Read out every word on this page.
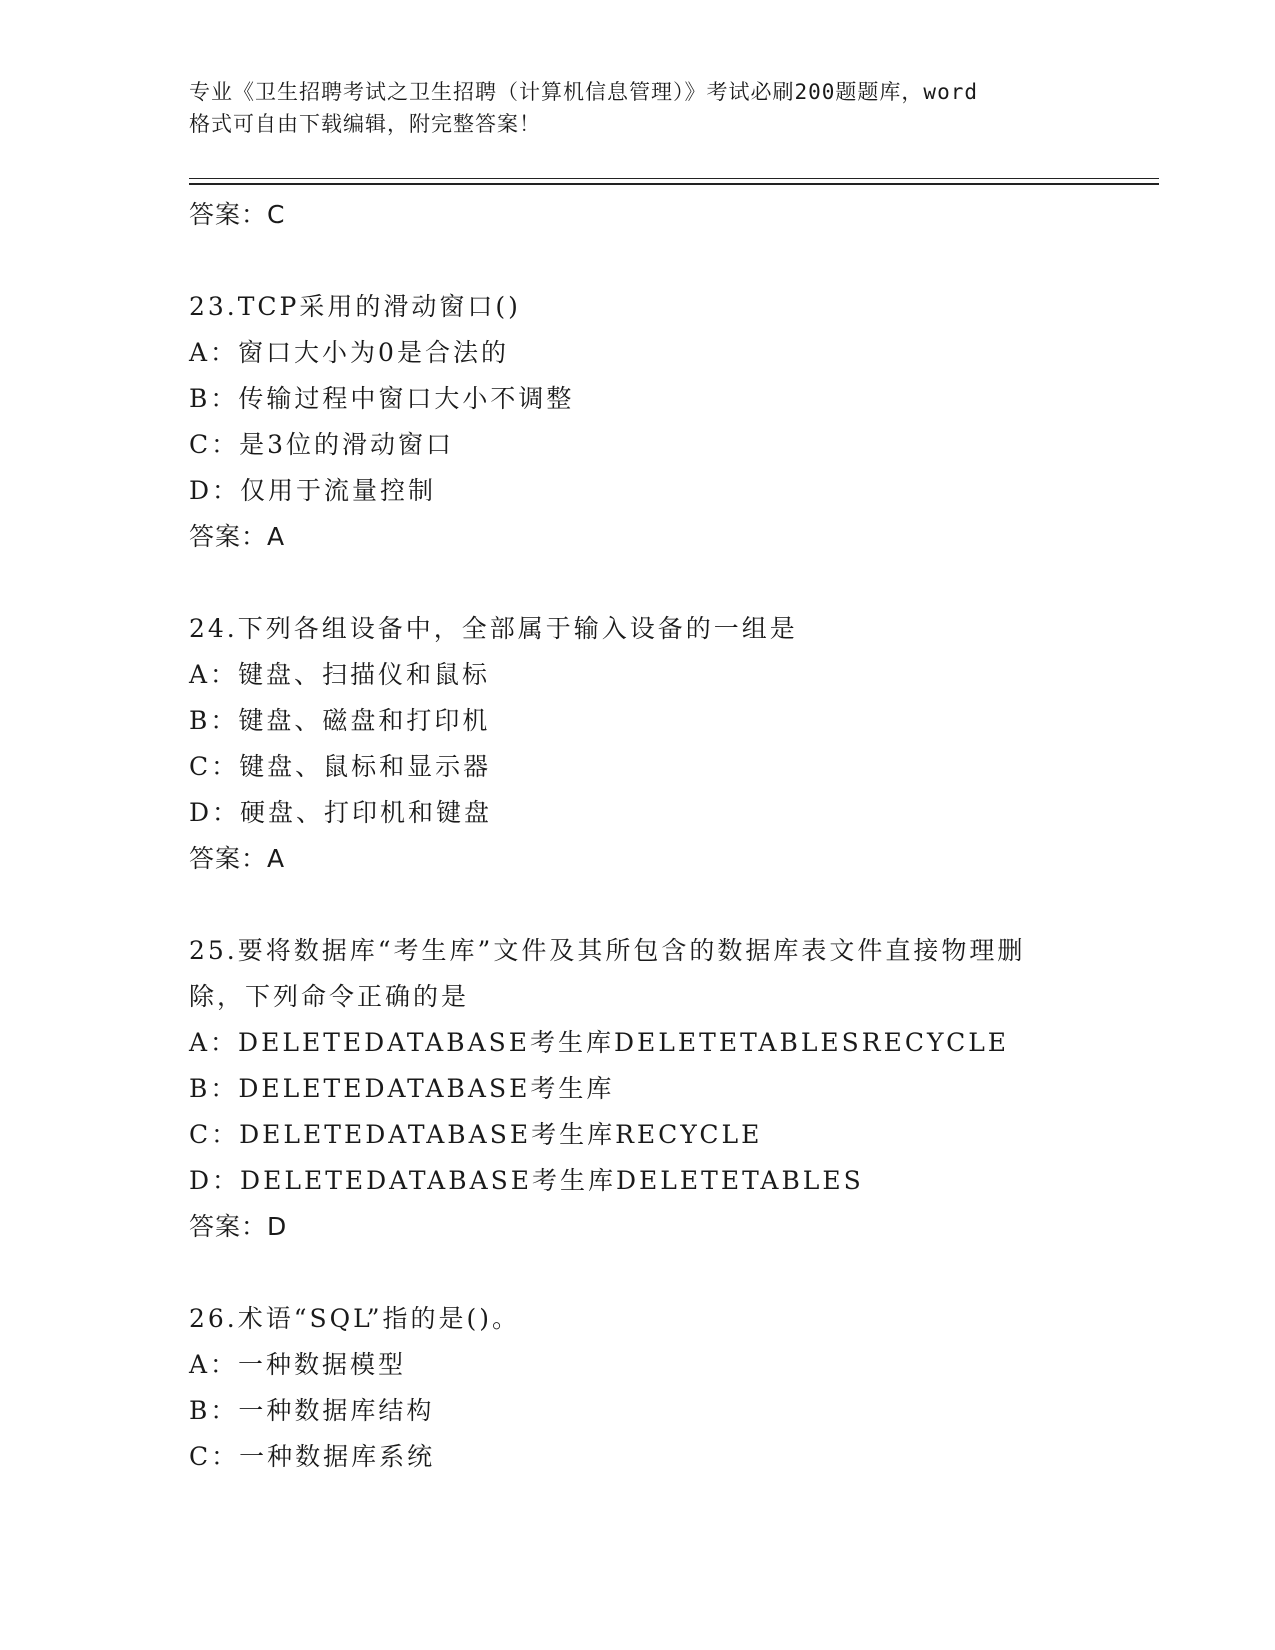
专业《卫生招聘考试之卫生招聘（计算机信息管理）》考试必刷200题题库，word
格式可自由下载编辑，附完整答案！
答案：C
23.TCP采用的滑动窗口()
A：窗口大小为0是合法的
B：传输过程中窗口大小不调整
C：是3位的滑动窗口
D：仅用于流量控制
答案：A
24.下列各组设备中，全部属于输入设备的一组是
A：键盘、扫描仪和鼠标
B：键盘、磁盘和打印机
C：键盘、鼠标和显示器
D：硬盘、打印机和键盘
答案：A
25.要将数据库“考生库”文件及其所包含的数据库表文件直接物理删
除，下列命令正确的是
A：DELETEDATABASE考生库DELETETABLESRECYCLE
B：DELETEDATABASE考生库
C：DELETEDATABASE考生库RECYCLE
D：DELETEDATABASE考生库DELETETABLES
答案：D
26.术语“SQL”指的是()。
A：一种数据模型
B：一种数据库结构
C：一种数据库系统
